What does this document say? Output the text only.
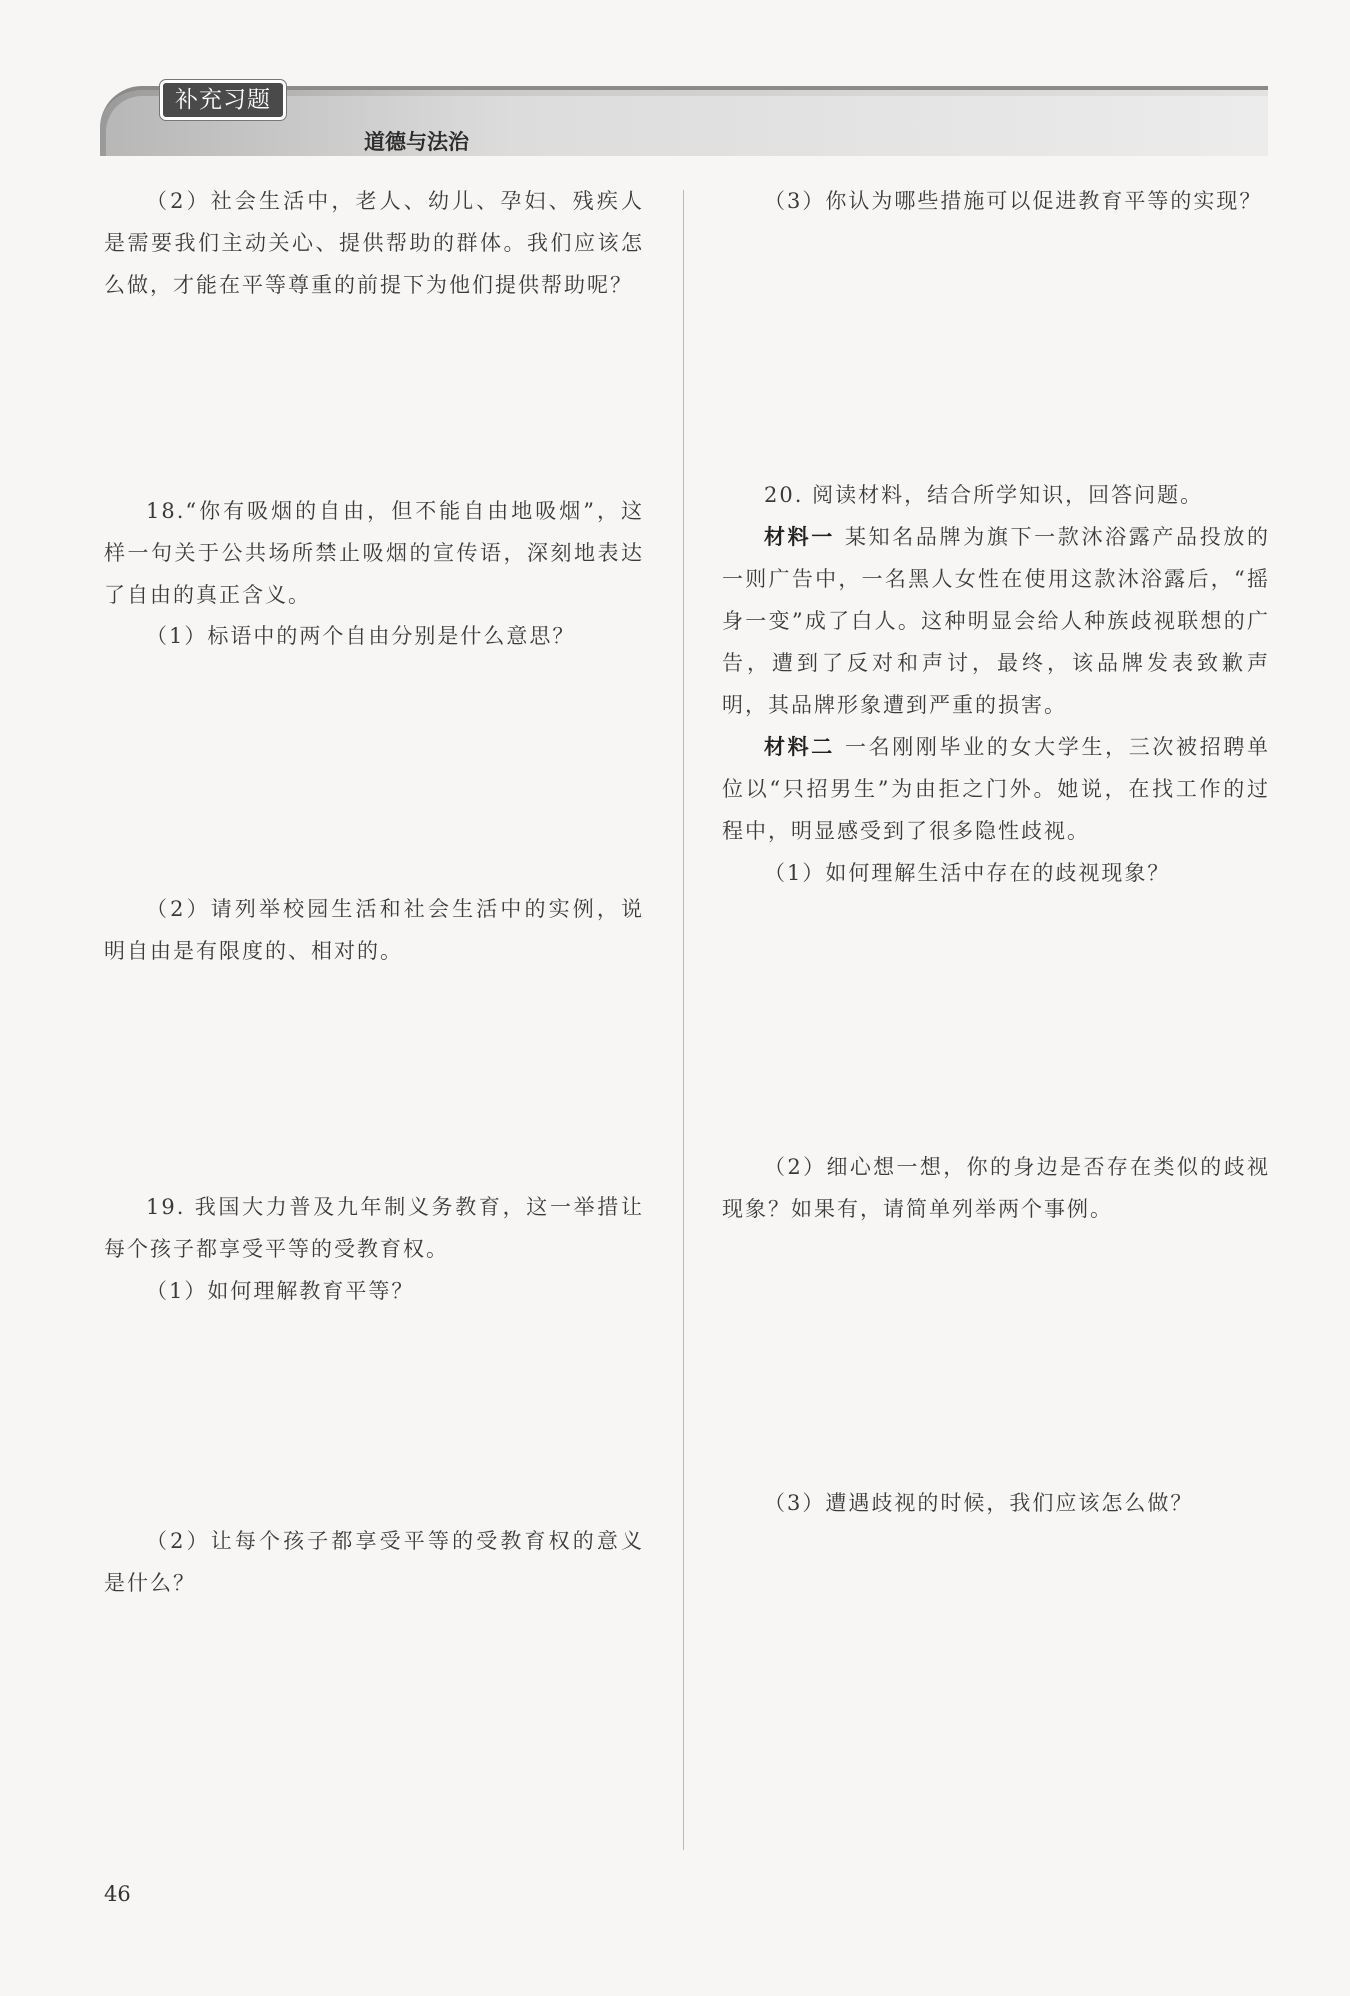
补充习题
道德与法治

（2）社会生活中，老人、幼儿、孕妇、残疾人是需要我们主动关心、提供帮助的群体。我们应该怎么做，才能在平等尊重的前提下为他们提供帮助呢？

18.“你有吸烟的自由，但不能自由地吸烟”，这样一句关于公共场所禁止吸烟的宣传语，深刻地表达了自由的真正含义。

（1）标语中的两个自由分别是什么意思？

（2）请列举校园生活和社会生活中的实例，说明自由是有限度的、相对的。

19. 我国大力普及九年制义务教育，这一举措让每个孩子都享受平等的受教育权。

（1）如何理解教育平等？

（2）让每个孩子都享受平等的受教育权的意义是什么？

（3）你认为哪些措施可以促进教育平等的实现？

20. 阅读材料，结合所学知识，回答问题。

材料一 某知名品牌为旗下一款沐浴露产品投放的一则广告中，一名黑人女性在使用这款沐浴露后，“摇身一变”成了白人。这种明显会给人种族歧视联想的广告，遭到了反对和声讨，最终，该品牌发表致歉声明，其品牌形象遭到严重的损害。

材料二 一名刚刚毕业的女大学生，三次被招聘单位以“只招男生”为由拒之门外。她说，在找工作的过程中，明显感受到了很多隐性歧视。

（1）如何理解生活中存在的歧视现象？

（2）细心想一想，你的身边是否存在类似的歧视现象？如果有，请简单列举两个事例。

（3）遭遇歧视的时候，我们应该怎么做？

46
